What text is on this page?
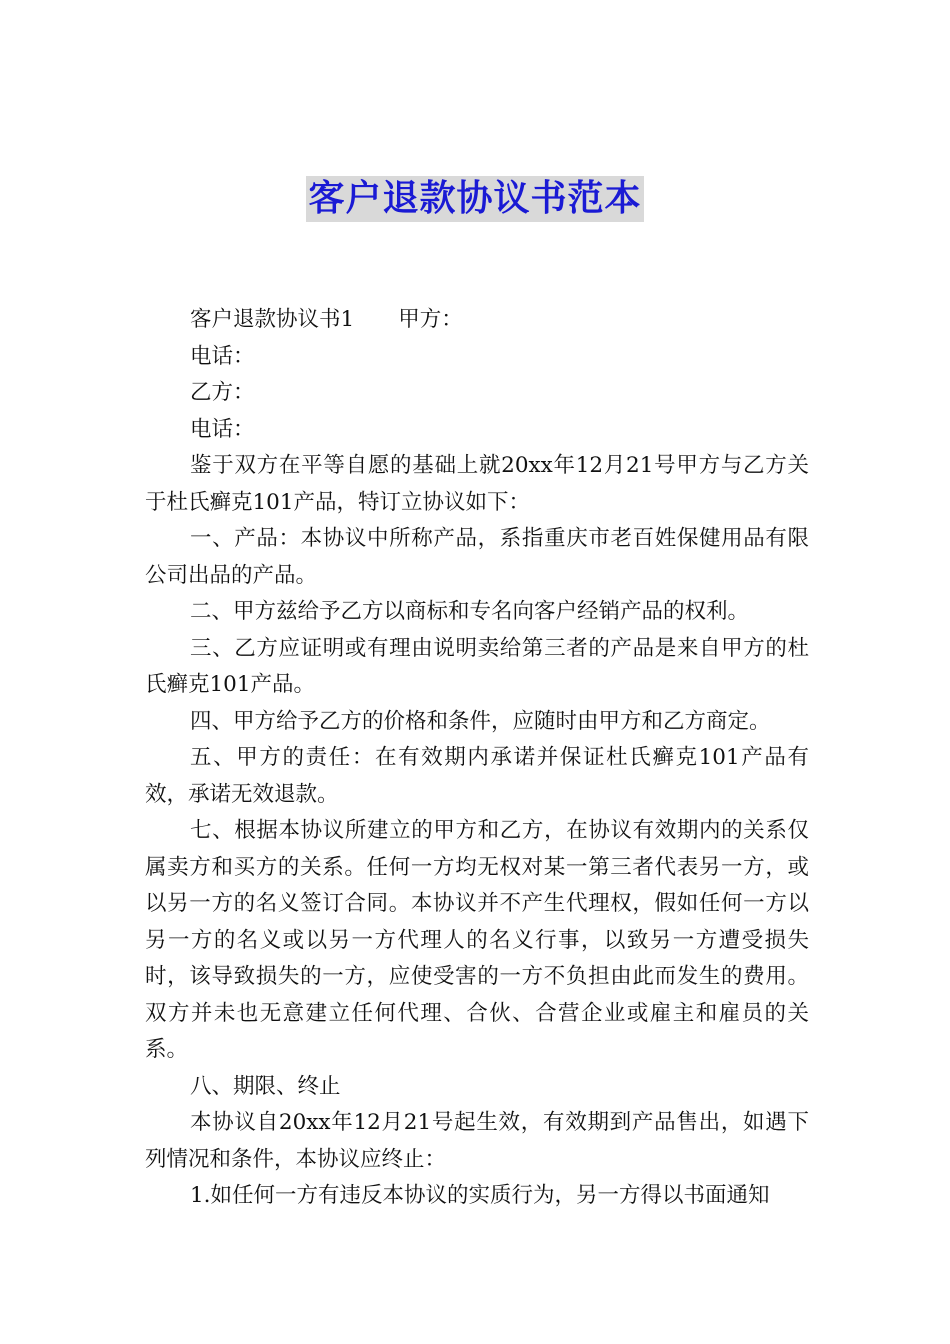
客户退款协议书范本

客户退款协议书1 甲方：

电话：

乙方：

电话：

鉴于双方在平等自愿的基础上就20xx年12月21号甲方与乙方关于杜氏癣克101产品，特订立协议如下：

一、产品：本协议中所称产品，系指重庆市老百姓保健用品有限公司出品的产品。

二、甲方兹给予乙方以商标和专名向客户经销产品的权利。

三、乙方应证明或有理由说明卖给第三者的产品是来自甲方的杜氏癣克101产品。

四、甲方给予乙方的价格和条件，应随时由甲方和乙方商定。

五、甲方的责任：在有效期内承诺并保证杜氏癣克101产品有效，承诺无效退款。

七、根据本协议所建立的甲方和乙方，在协议有效期内的关系仅属卖方和买方的关系。任何一方均无权对某一第三者代表另一方，或以另一方的名义签订合同。本协议并不产生代理权，假如任何一方以另一方的名义或以另一方代理人的名义行事，以致另一方遭受损失时，该导致损失的一方，应使受害的一方不负担由此而发生的费用。双方并未也无意建立任何代理、合伙、合营企业或雇主和雇员的关系。

八、期限、终止

本协议自20xx年12月21号起生效，有效期到产品售出，如遇下列情况和条件，本协议应终止：

1.如任何一方有违反本协议的实质行为，另一方得以书面通知
